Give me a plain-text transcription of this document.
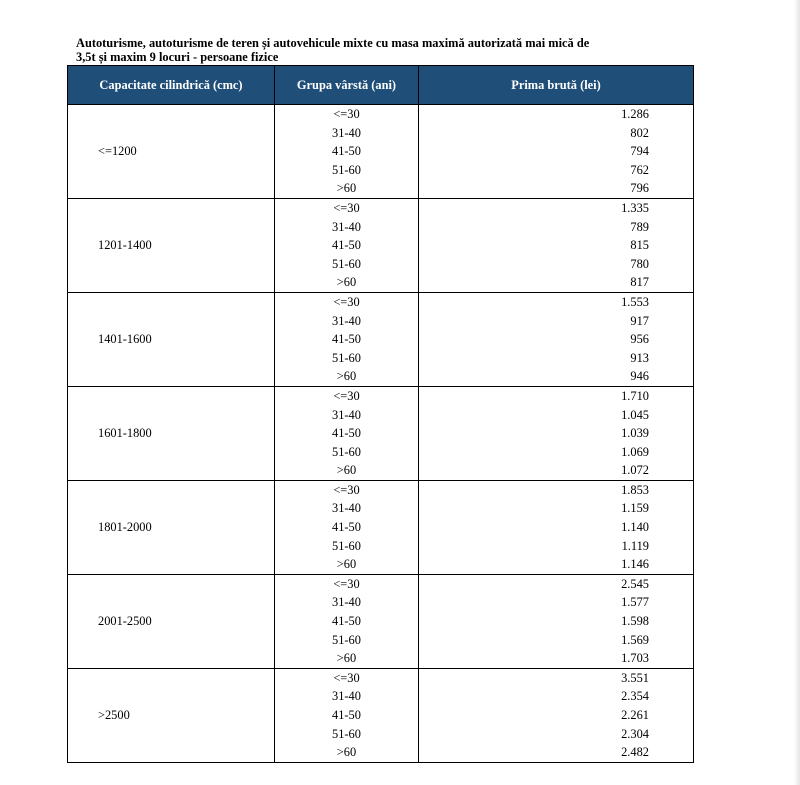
Autoturisme, autoturisme de teren și autovehicule mixte cu masa maximă autorizată mai mică de
3,5t și maxim 9 locuri - persoane fizice
Capacitate cilindrică (cmc)	Grupa vârstă (ani)	Prima brută (lei)
<=1200	<=30	1.286
	31-40	802
	41-50	794
	51-60	762
	>60	796
1201-1400	<=30	1.335
	31-40	789
	41-50	815
	51-60	780
	>60	817
1401-1600	<=30	1.553
	31-40	917
	41-50	956
	51-60	913
	>60	946
1601-1800	<=30	1.710
	31-40	1.045
	41-50	1.039
	51-60	1.069
	>60	1.072
1801-2000	<=30	1.853
	31-40	1.159
	41-50	1.140
	51-60	1.119
	>60	1.146
2001-2500	<=30	2.545
	31-40	1.577
	41-50	1.598
	51-60	1.569
	>60	1.703
>2500	<=30	3.551
	31-40	2.354
	41-50	2.261
	51-60	2.304
	>60	2.482
